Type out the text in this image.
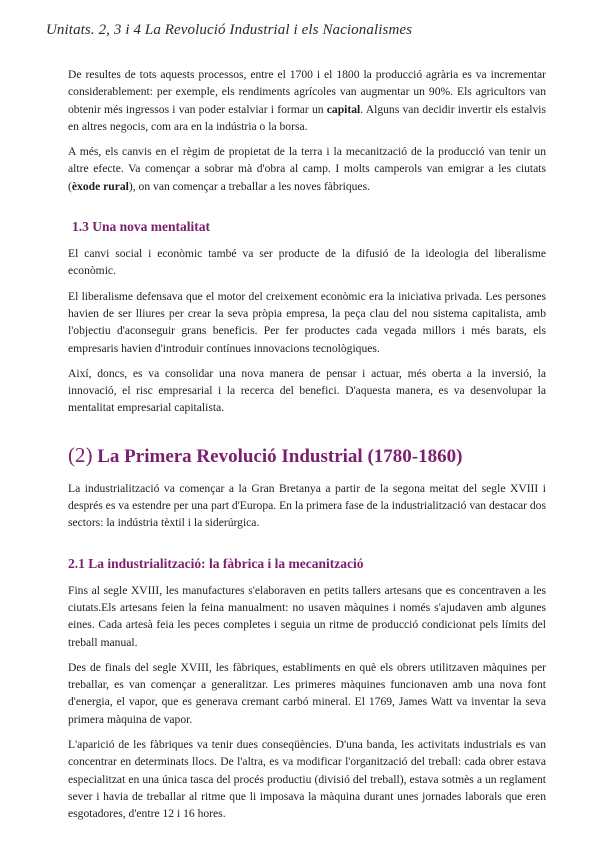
Unitats. 2, 3 i 4 La Revolució Industrial i els Nacionalismes

De resultes de tots aquests processos, entre el 1700 i el 1800 la producció agrària es va incrementar considerablement: per exemple, els rendiments agrícoles van augmentar un 90%. Els agricultors van obtenir més ingressos i van poder estalviar i formar un capital. Alguns van decidir invertir els estalvis en altres negocis, com ara en la indústria o la borsa.

A més, els canvis en el règim de propietat de la terra i la mecanització de la producció van tenir un altre efecte. Va començar a sobrar mà d'obra al camp. I molts camperols van emigrar a les ciutats (èxode rural), on van començar a treballar a les noves fàbriques.

1.3 Una nova mentalitat

El canvi social i econòmic també va ser producte de la difusió de la ideologia del liberalisme econòmic.

El liberalisme defensava que el motor del creixement econòmic era la iniciativa privada. Les persones havien de ser lliures per crear la seva pròpia empresa, la peça clau del nou sistema capitalista, amb l'objectiu d'aconseguir grans beneficis. Per fer productes cada vegada millors i més barats, els empresaris havien d'introduir contínues innovacions tecnològiques.

Així, doncs, es va consolidar una nova manera de pensar i actuar, més oberta a la inversió, la innovació, el risc empresarial i la recerca del benefici. D'aquesta manera, es va desenvolupar la mentalitat empresarial capitalista.

(2) La Primera Revolució Industrial (1780-1860)

La industrialització va començar a la Gran Bretanya a partir de la segona meitat del segle XVIII i després es va estendre per una part d'Europa. En la primera fase de la industrialització van destacar dos sectors: la indústria tèxtil i la siderúrgica.

2.1 La industrialització: la fàbrica i la mecanització

Fins al segle XVIII, les manufactures s'elaboraven en petits tallers artesans que es concentraven a les ciutats.Els artesans feien la feina manualment: no usaven màquines i només s'ajudaven amb algunes eines. Cada artesà feia les peces completes i seguia un ritme de producció condicionat pels límits del treball manual.

Des de finals del segle XVIII, les fàbriques, establiments en què els obrers utilitzaven màquines per treballar, es van començar a generalitzar. Les primeres màquines funcionaven amb una nova font d'energia, el vapor, que es generava cremant carbó mineral. El 1769, James Watt va inventar la seva primera màquina de vapor.

L'aparició de les fàbriques va tenir dues conseqüències. D'una banda, les activitats industrials es van concentrar en determinats llocs. De l'altra, es va modificar l'organització del treball: cada obrer estava especialitzat en una única tasca del procés productiu (divisió del treball), estava sotmès a un reglament sever i havia de treballar al ritme que li imposava la màquina durant unes jornades laborals que eren esgotadores, d'entre 12 i 16 hores.
